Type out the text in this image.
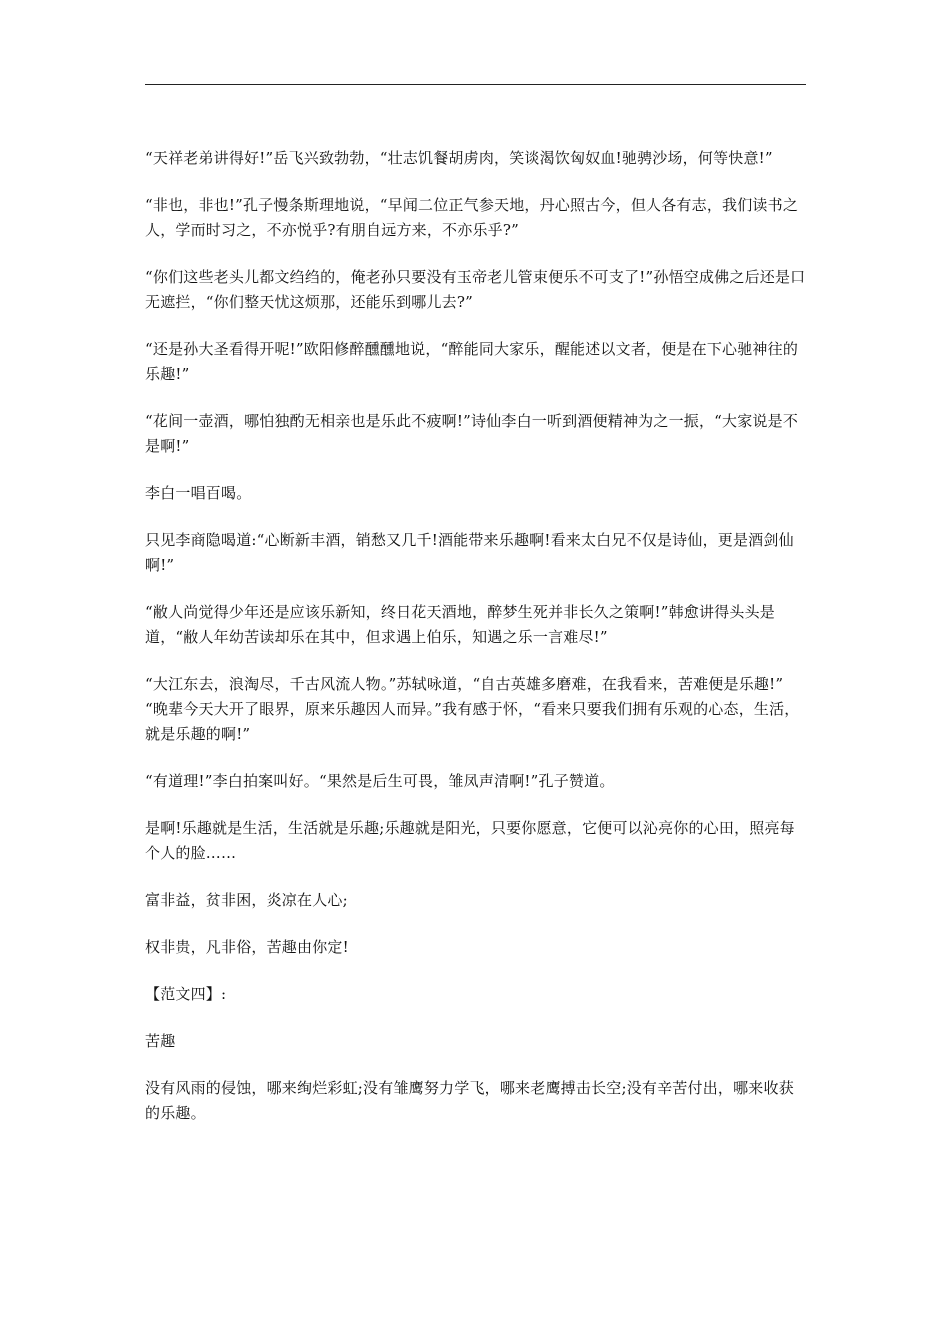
“天祥老弟讲得好!”岳飞兴致勃勃，“壮志饥餐胡虏肉，笑谈渴饮匈奴血!驰骋沙场，何等快意!”

“非也，非也!”孔子慢条斯理地说，“早闻二位正气参天地，丹心照古今，但人各有志，我们读书之人，学而时习之，不亦悦乎?有朋自远方来，不亦乐乎?”

“你们这些老头儿都文绉绉的，俺老孙只要没有玉帝老儿管束便乐不可支了!”孙悟空成佛之后还是口无遮拦，“你们整天忧这烦那，还能乐到哪儿去?”

“还是孙大圣看得开呢!”欧阳修醉醺醺地说，“醉能同大家乐，醒能述以文者，便是在下心驰神往的乐趣!”

“花间一壶酒，哪怕独酌无相亲也是乐此不疲啊!”诗仙李白一听到酒便精神为之一振，“大家说是不是啊!”

李白一唱百喝。

只见李商隐喝道:“心断新丰酒，销愁又几千!酒能带来乐趣啊!看来太白兄不仅是诗仙，更是酒剑仙啊!”

“敝人尚觉得少年还是应该乐新知，终日花天酒地，醉梦生死并非长久之策啊!”韩愈讲得头头是道，“敝人年幼苦读却乐在其中，但求遇上伯乐，知遇之乐一言难尽!”

“大江东去，浪淘尽，千古风流人物。”苏轼咏道，“自古英雄多磨难，在我看来，苦难便是乐趣!”

“晚辈今天大开了眼界，原来乐趣因人而异。”我有感于怀，“看来只要我们拥有乐观的心态，生活，就是乐趣的啊!”

“有道理!”李白拍案叫好。“果然是后生可畏，雏凤声清啊!”孔子赞道。

是啊!乐趣就是生活，生活就是乐趣;乐趣就是阳光，只要你愿意，它便可以沁亮你的心田，照亮每个人的脸……

富非益，贫非困，炎凉在人心;

权非贵，凡非俗，苦趣由你定!

【范文四】:

苦趣

没有风雨的侵蚀，哪来绚烂彩虹;没有雏鹰努力学飞，哪来老鹰搏击长空;没有辛苦付出，哪来收获的乐趣。
